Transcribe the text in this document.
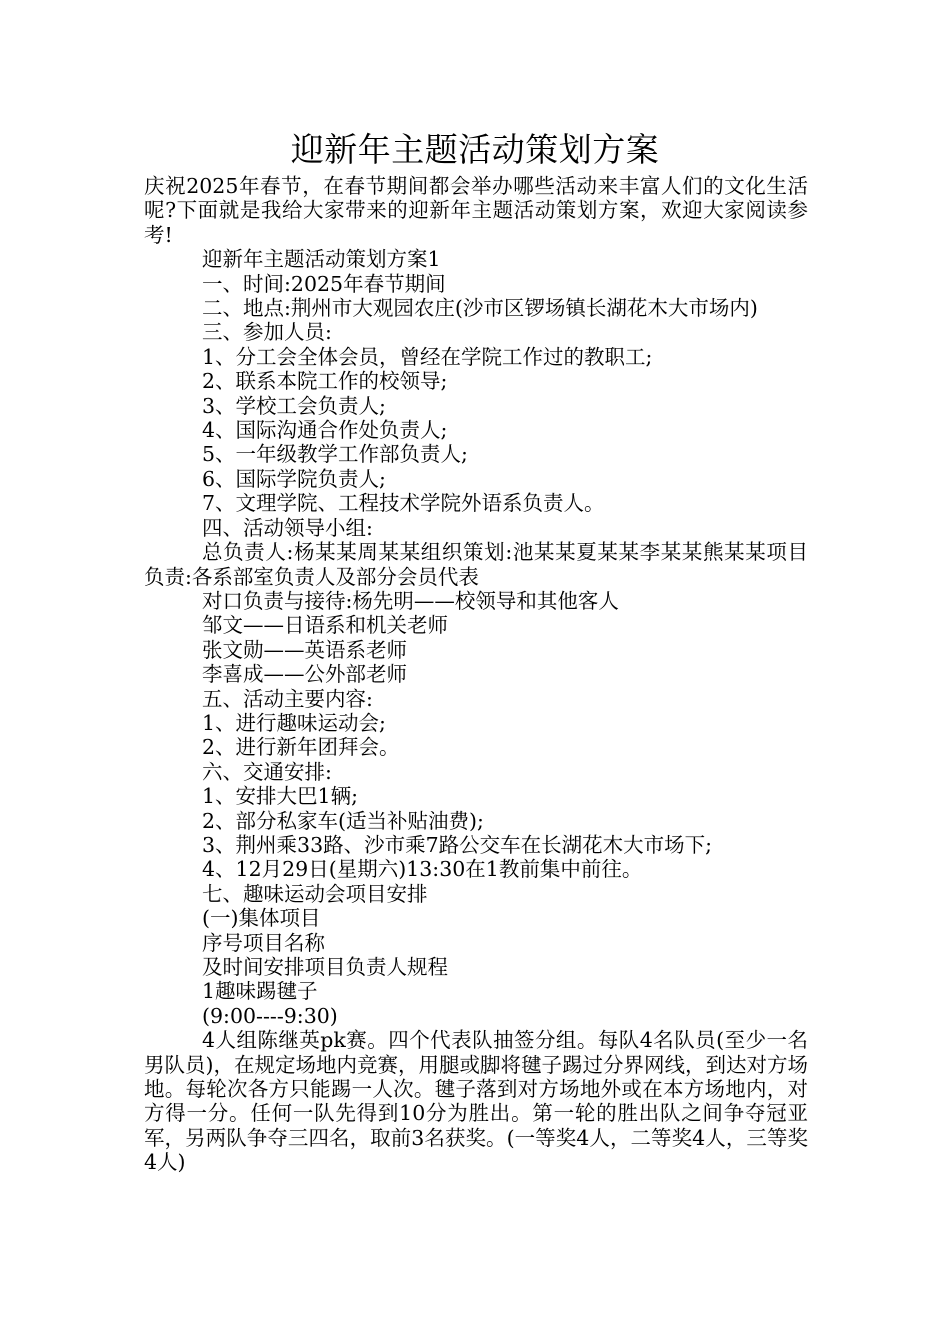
迎新年主题活动策划方案

庆祝2025年春节，在春节期间都会举办哪些活动来丰富人们的文化生活呢?下面就是我给大家带来的迎新年主题活动策划方案，欢迎大家阅读参考!

迎新年主题活动策划方案1

一、时间:2025年春节期间

二、地点:荆州市大观园农庄(沙市区锣场镇长湖花木大市场内)

三、参加人员:

1、分工会全体会员，曾经在学院工作过的教职工;

2、联系本院工作的校领导;

3、学校工会负责人;

4、国际沟通合作处负责人;

5、一年级教学工作部负责人;

6、国际学院负责人;

7、文理学院、工程技术学院外语系负责人。

四、活动领导小组:

总负责人:杨某某周某某组织策划:池某某夏某某李某某熊某某项目负责:各系部室负责人及部分会员代表

对口负责与接待:杨先明——校领导和其他客人

邹文——日语系和机关老师

张文勋——英语系老师

李喜成——公外部老师

五、活动主要内容:

1、进行趣味运动会;

2、进行新年团拜会。

六、交通安排:

1、安排大巴1辆;

2、部分私家车(适当补贴油费);

3、荆州乘33路、沙市乘7路公交车在长湖花木大市场下;

4、12月29日(星期六)13:30在1教前集中前往。

七、趣味运动会项目安排

(一)集体项目

序号项目名称

及时间安排项目负责人规程

1趣味踢毽子

(9:00----9:30)

4人组陈继英pk赛。四个代表队抽签分组。每队4名队员(至少一名男队员)，在规定场地内竞赛，用腿或脚将毽子踢过分界网线，到达对方场地。每轮次各方只能踢一人次。毽子落到对方场地外或在本方场地内，对方得一分。任何一队先得到10分为胜出。第一轮的胜出队之间争夺冠亚军，另两队争夺三四名，取前3名获奖。(一等奖4人，二等奖4人，三等奖4人)
